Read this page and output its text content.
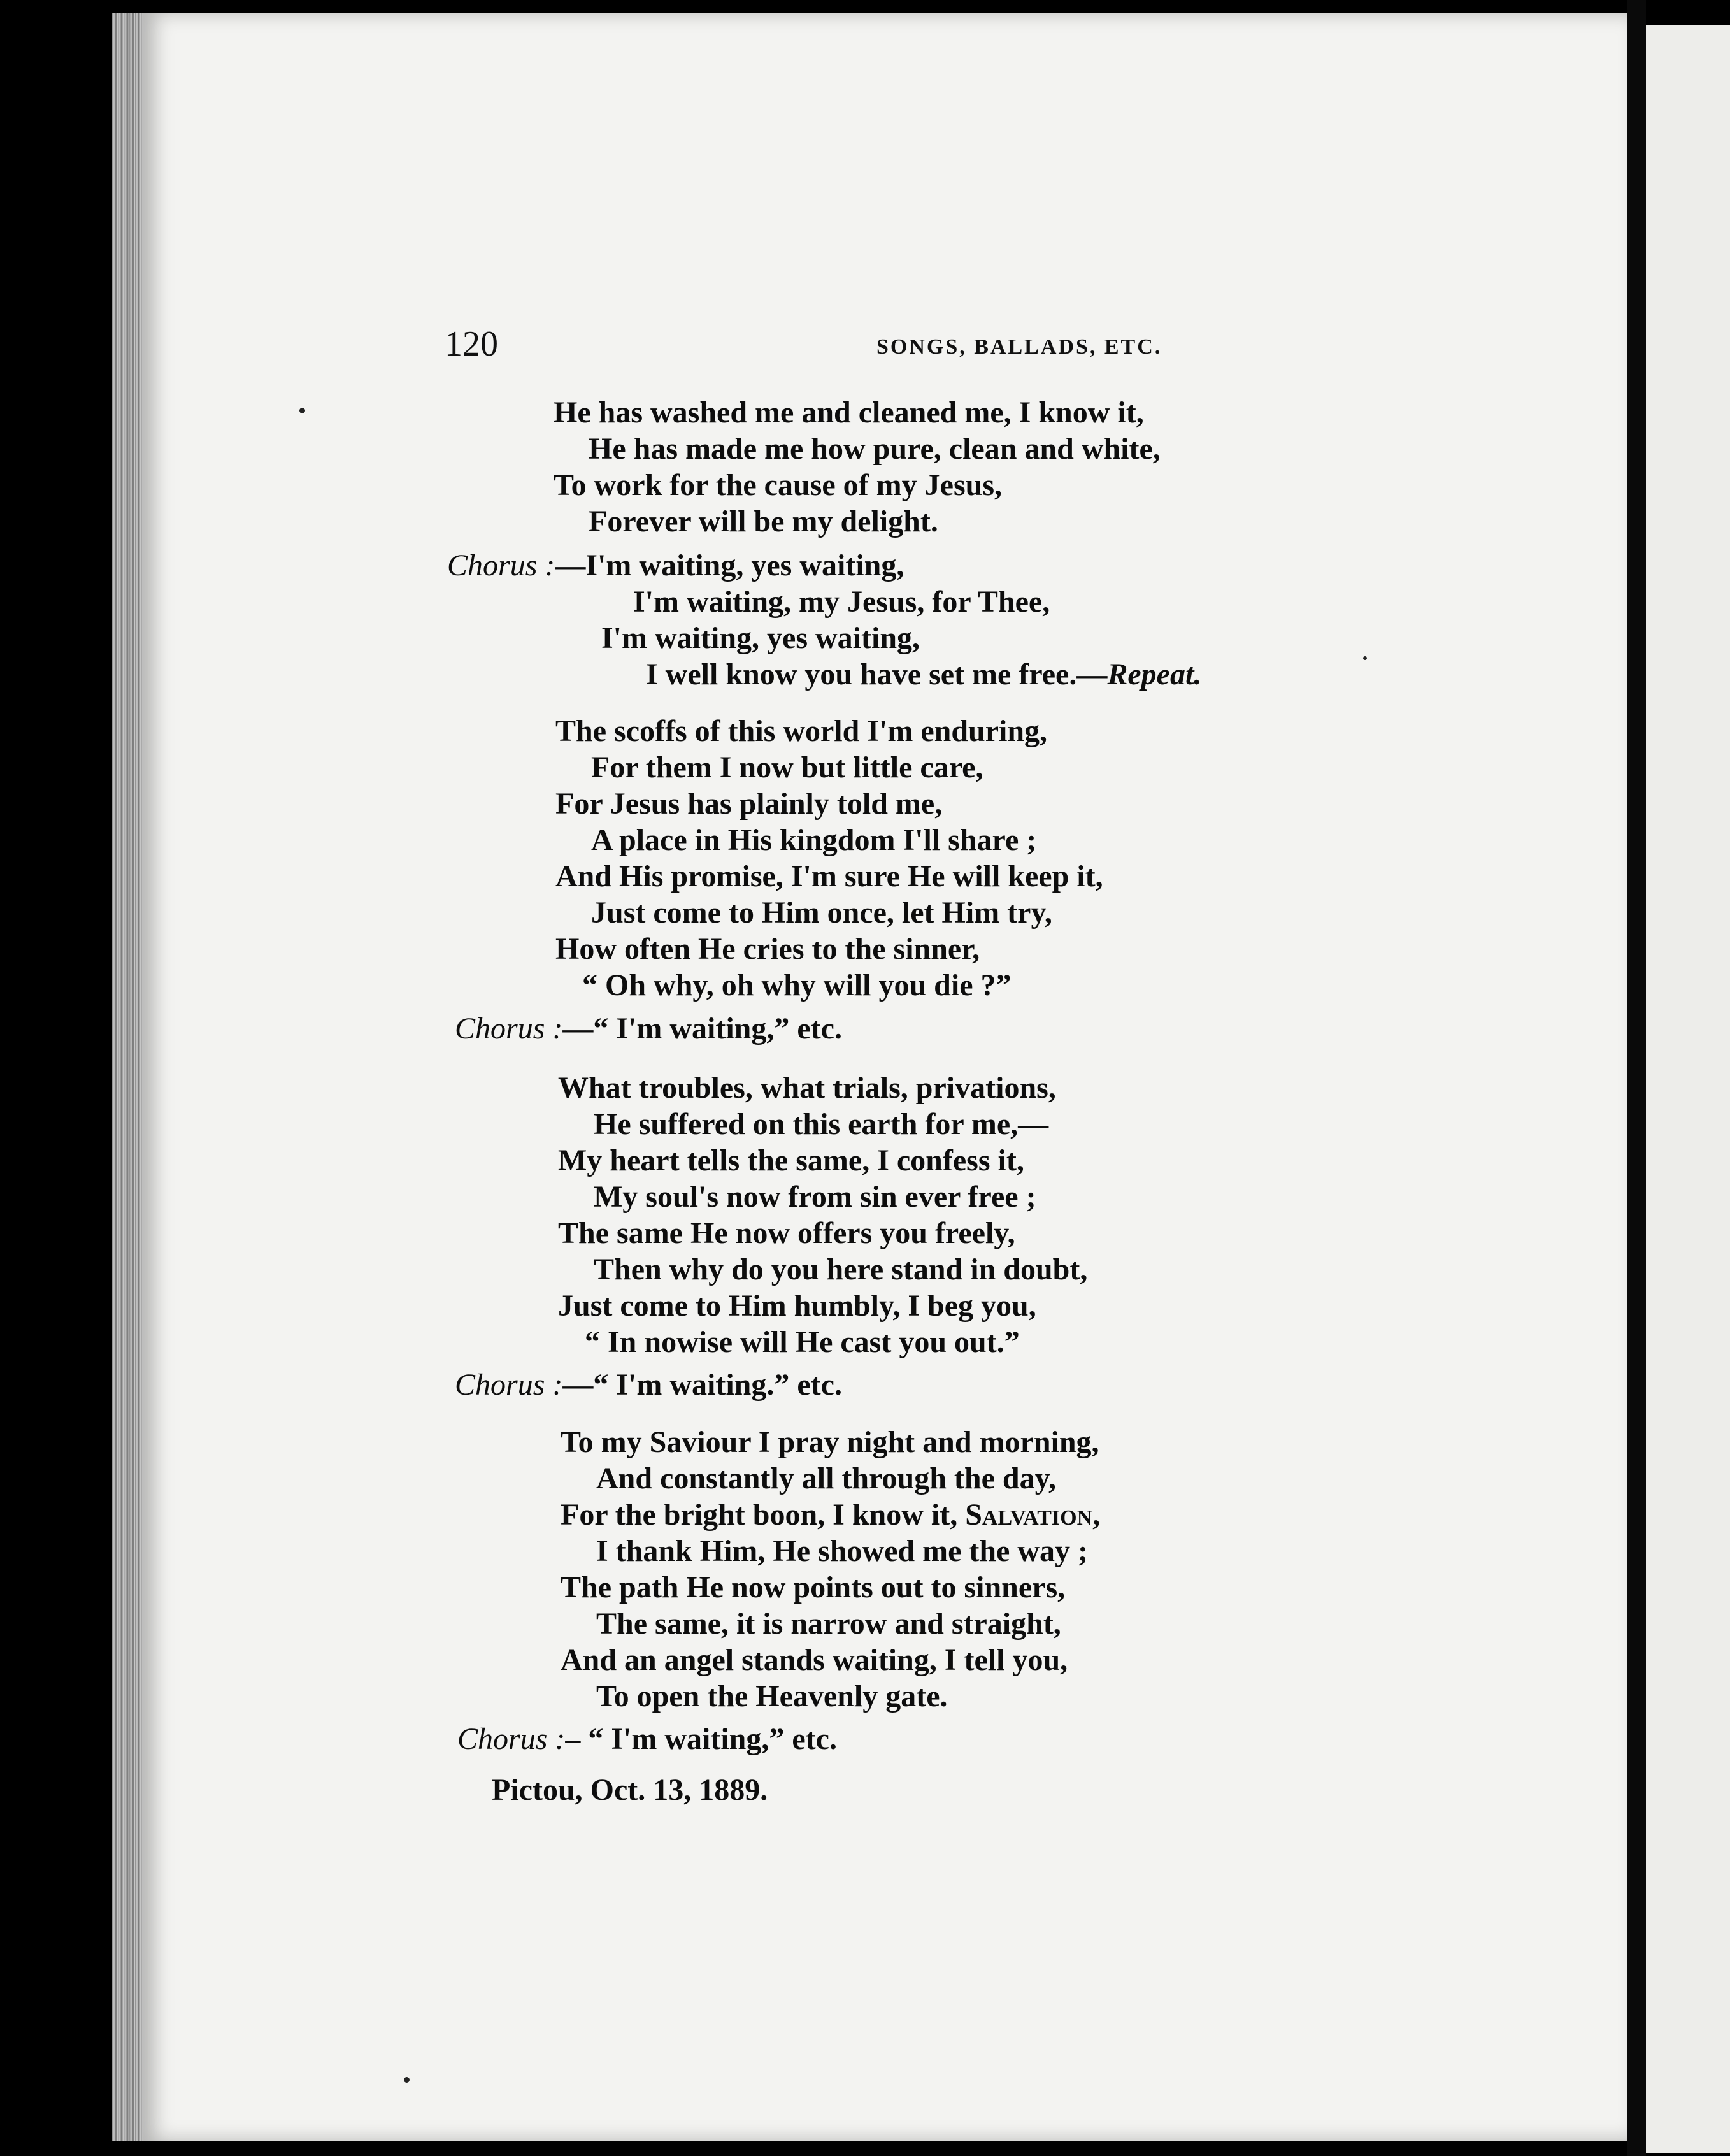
120	SONGS, BALLADS, ETC.
He has washed me and cleaned me, I know it,
He has made me how pure, clean and white,
To work for the cause of my Jesus,
Forever will be my delight.
Chorus :—I'm waiting, yes waiting,
I'm waiting, my Jesus, for Thee,
I'm waiting, yes waiting,
I well know you have set me free.—Repeat.
The scoffs of this world I'm enduring,
For them I now but little care,
For Jesus has plainly told me,
A place in His kingdom I'll share ;
And His promise, I'm sure He will keep it,
Just come to Him once, let Him try,
How often He cries to the sinner,
“ Oh why, oh why will you die ?”
Chorus :—“ I'm waiting,” etc.
What troubles, what trials, privations,
He suffered on this earth for me,—
My heart tells the same, I confess it,
My soul's now from sin ever free ;
The same He now offers you freely,
Then why do you here stand in doubt,
Just come to Him humbly, I beg you,
“ In nowise will He cast you out.”
Chorus :—“ I'm waiting.” etc.
To my Saviour I pray night and morning,
And constantly all through the day,
For the bright boon, I know it, Salvation,
I thank Him, He showed me the way ;
The path He now points out to sinners,
The same, it is narrow and straight,
And an angel stands waiting, I tell you,
To open the Heavenly gate.
Chorus :– “ I'm waiting,” etc.
Pictou, Oct. 13, 1889.
